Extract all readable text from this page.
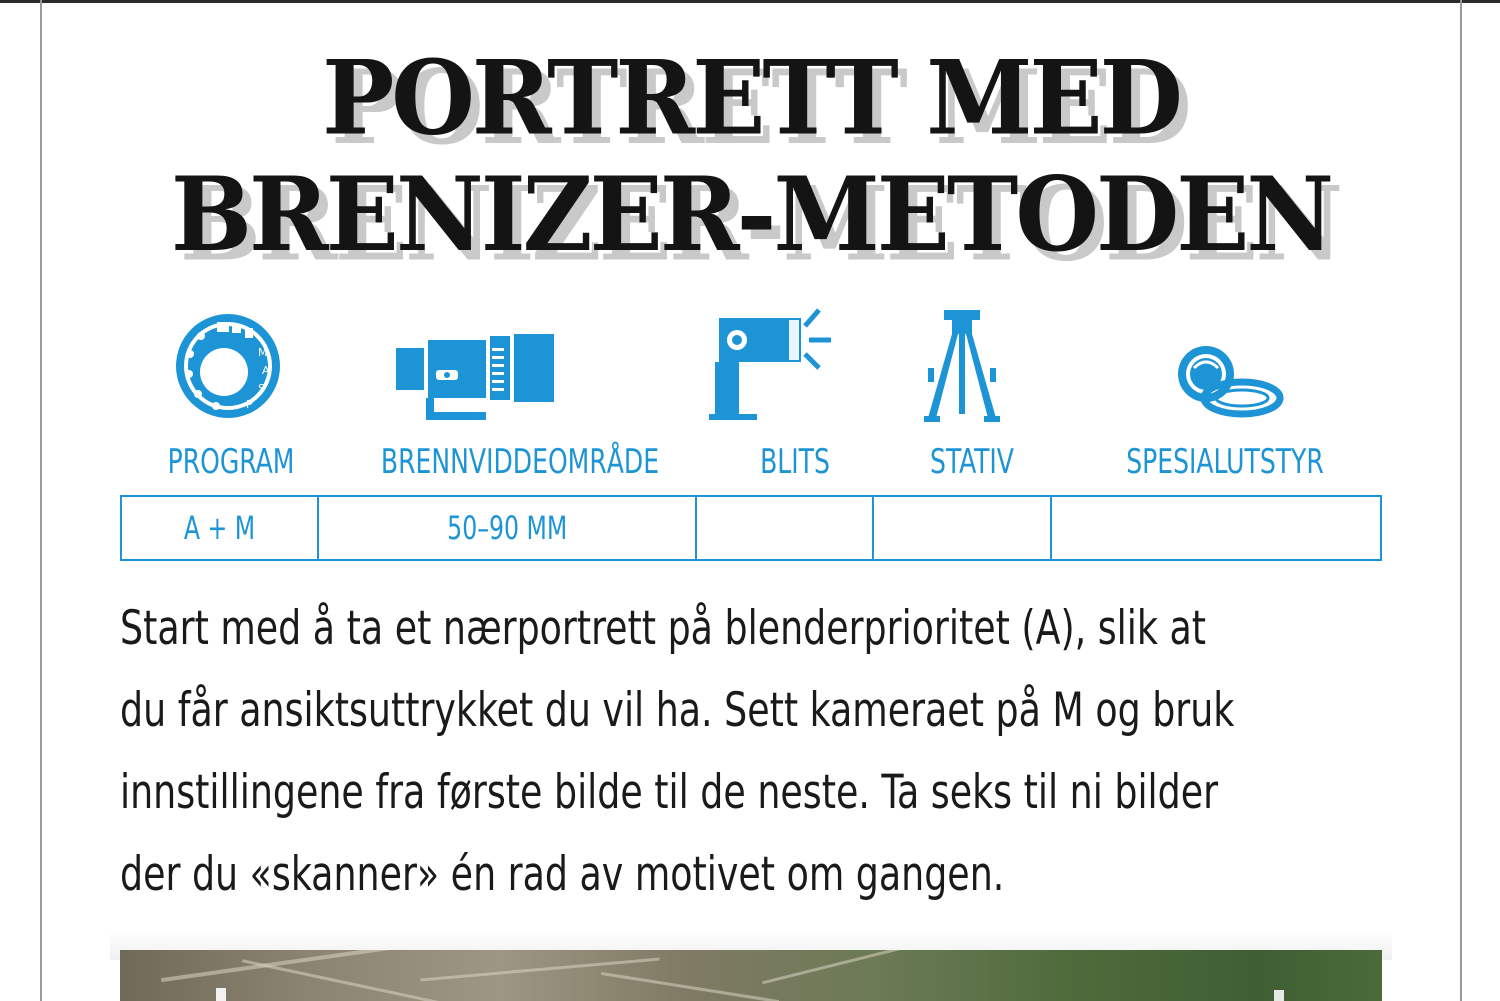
PORTRETT MED
BRENIZER-METODEN
M
A
S
P
PROGRAM	BRENNVIDDEOMRÅDE	BLITS	STATIV	SPESIALUTSTYR
A + M	50–90 MM

Start med å ta et nærportrett på blenderprioritet (A), slik at
du får ansiktsuttrykket du vil ha. Sett kameraet på M og bruk
innstillingene fra første bilde til de neste. Ta seks til ni bilder
der du «skanner» én rad av motivet om gangen.
